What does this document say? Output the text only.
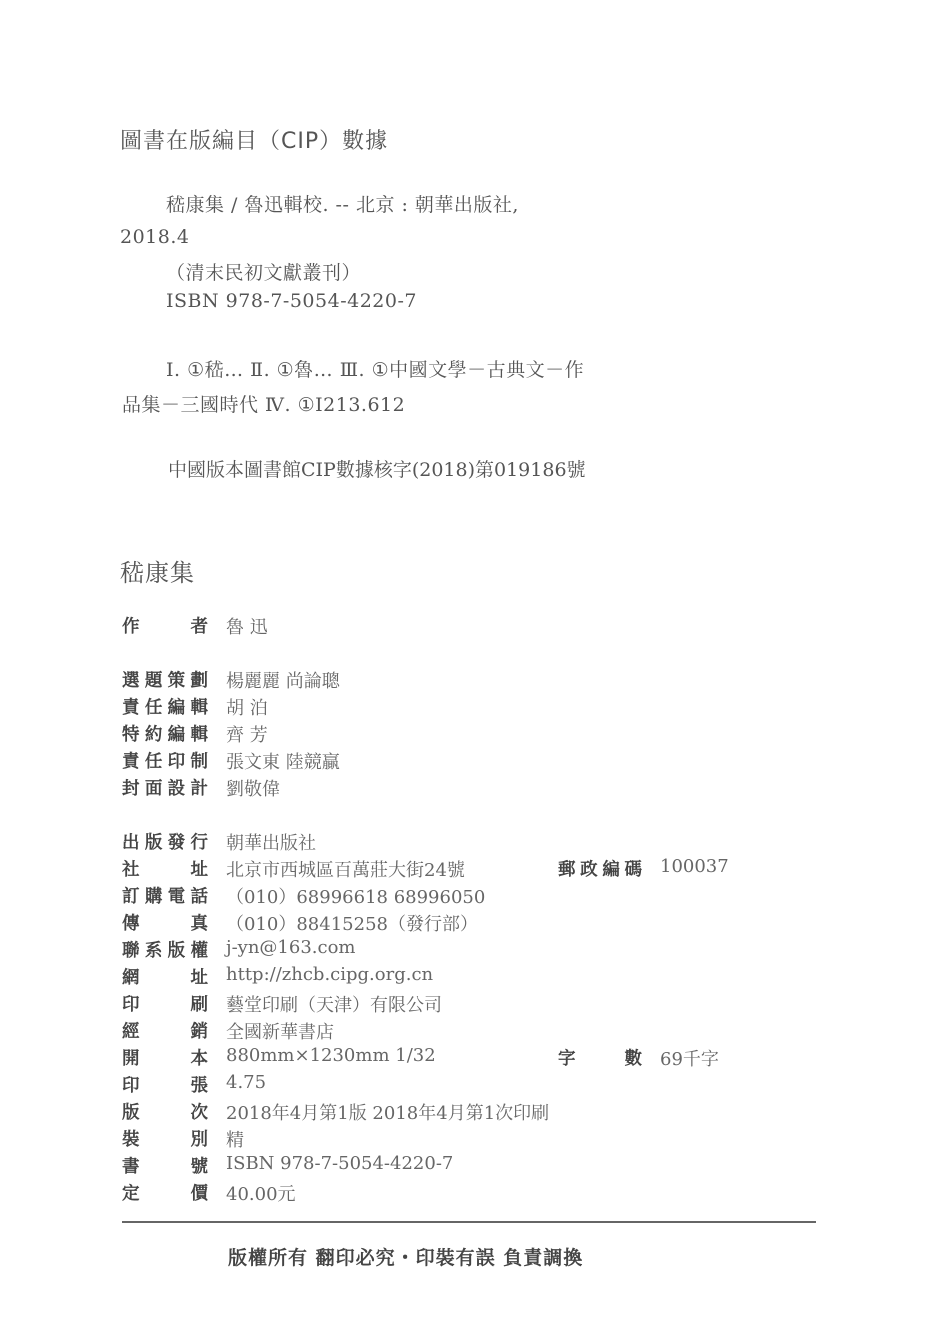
圖書在版編目（CIP）數據
嵇康集 / 魯迅輯校. -- 北京 : 朝華出版社,
2018.4
（清末民初文獻叢刊）
ISBN 978-7-5054-4220-7
Ⅰ. ①嵇… Ⅱ. ①魯… Ⅲ. ①中國文學－古典文－作
品集－三國時代 Ⅳ. ①I213.612
中國版本圖書館CIP數據核字(2018)第019186號
嵇康集
作	者 魯 迅
選 題 策 劃 楊麗麗 尚論聰
責 任 編 輯 胡 泊
特 約 編 輯 齊 芳
責 任 印 制 張文東 陸競贏
封 面 設 計 劉敬偉
出 版 發 行 朝華出版社
社	址 北京市西城區百萬莊大街24號	郵 政 編 碼 100037
訂 購 電 話 （010）68996618 68996050
傳	真 （010）88415258（發行部）
聯 系 版 權 j-yn@163.com
網	址 http://zhcb.cipg.org.cn
印	刷 藝堂印刷（天津）有限公司
經	銷 全國新華書店
開	本 880mm×1230mm 1/32	字	數 69千字
印	張 4.75
版	次 2018年4月第1版 2018年4月第1次印刷
裝	別 精
書	號 ISBN 978-7-5054-4220-7
定	價 40.00元
版權所有 翻印必究・印裝有誤 負責調換
